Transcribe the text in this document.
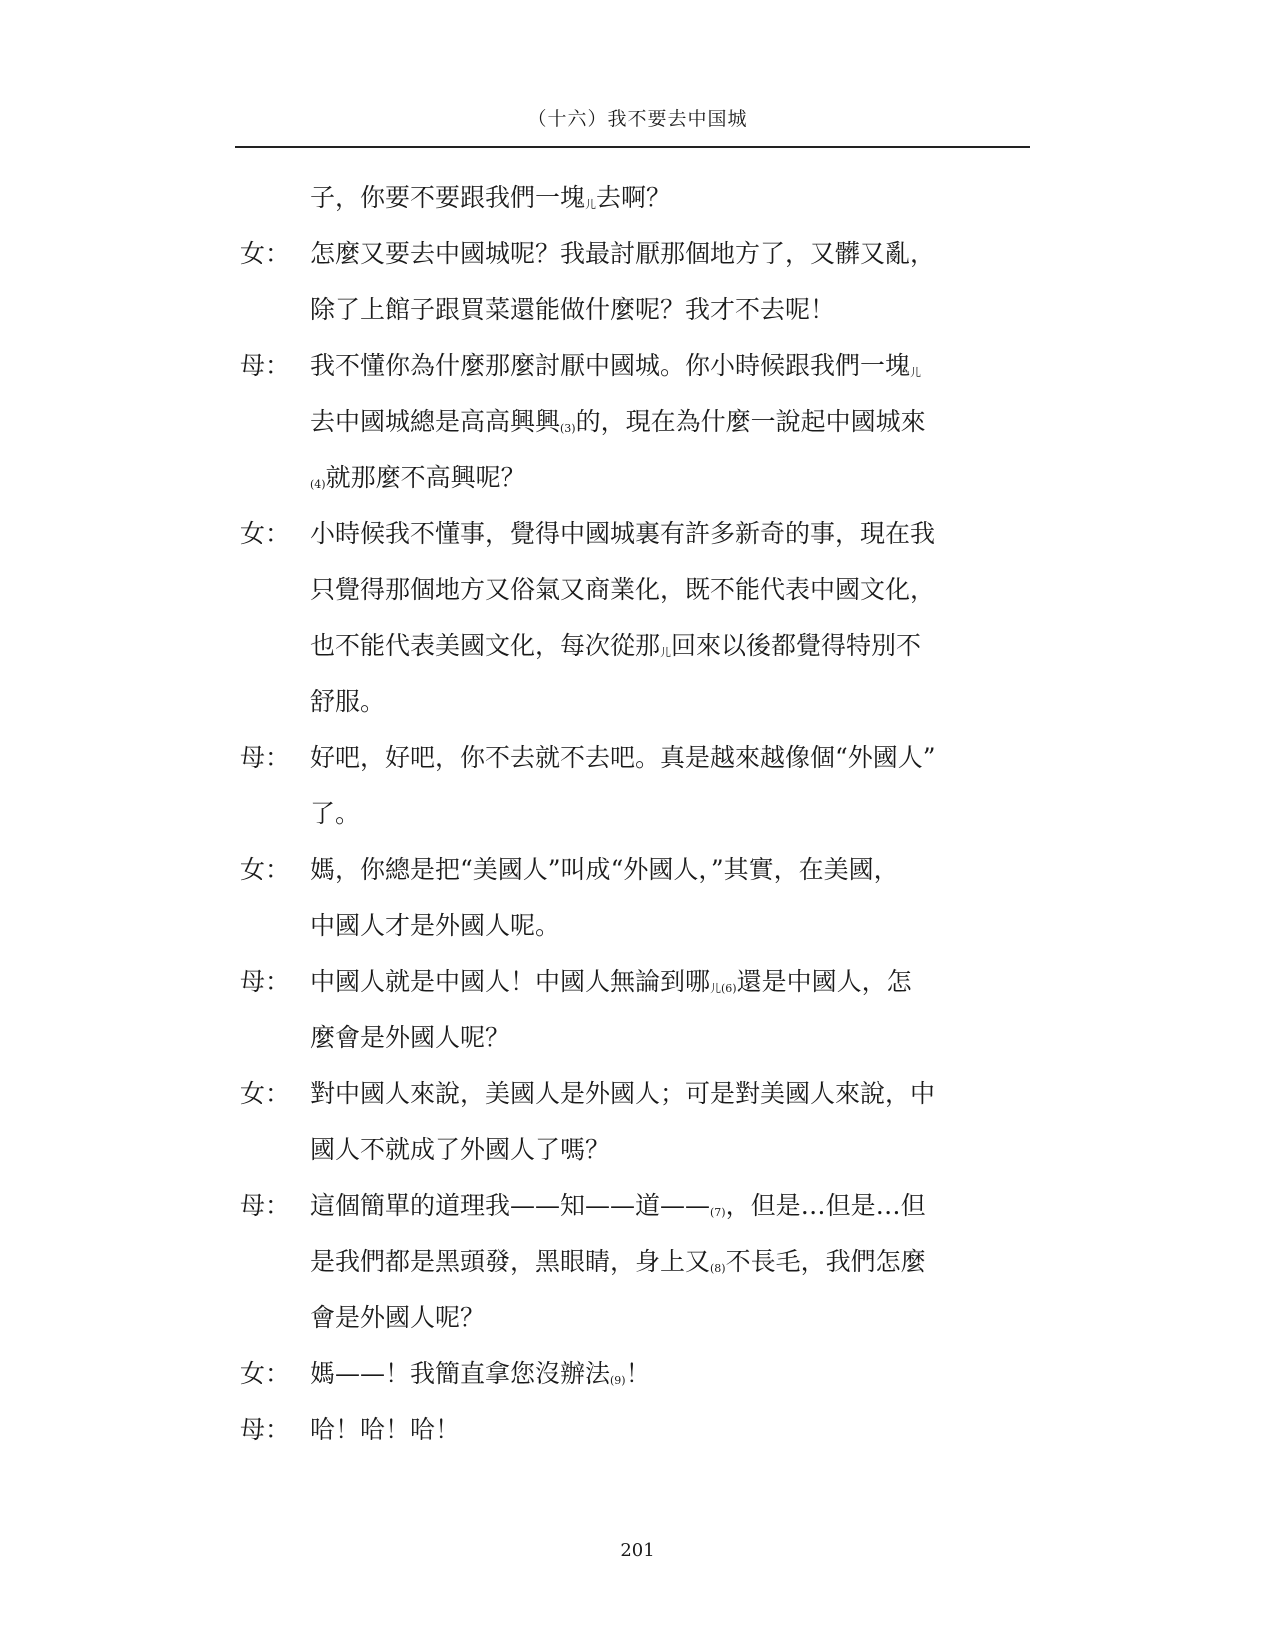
（十六）我不要去中国城
子，你要不要跟我們一塊儿去啊？
女： 怎麼又要去中國城呢？我最討厭那個地方了，又髒又亂，
除了上館子跟買菜還能做什麼呢？我才不去呢！
母： 我不懂你為什麼那麼討厭中國城。你小時候跟我們一塊儿
去中國城總是高高興興(3)的，現在為什麼一說起中國城來
(4)就那麼不高興呢？
女： 小時候我不懂事，覺得中國城裏有許多新奇的事，現在我
只覺得那個地方又俗氣又商業化，既不能代表中國文化，
也不能代表美國文化，每次從那儿回來以後都覺得特別不
舒服。
母： 好吧，好吧，你不去就不去吧。真是越來越像個“外國人”
了。
女： 媽，你總是把“美國人”叫成“外國人，”其實，在美國，
中國人才是外國人呢。
母： 中國人就是中國人！中國人無論到哪儿(6)還是中國人，怎
麼會是外國人呢？
女： 對中國人來說，美國人是外國人；可是對美國人來說，中
國人不就成了外國人了嗎？
母： 這個簡單的道理我——知——道——(7)，但是…但是…但
是我們都是黑頭發，黑眼睛，身上又(8)不長毛，我們怎麼
會是外國人呢？
女： 媽——！我簡直拿您沒辦法(9)！
母： 哈！哈！哈！
201
